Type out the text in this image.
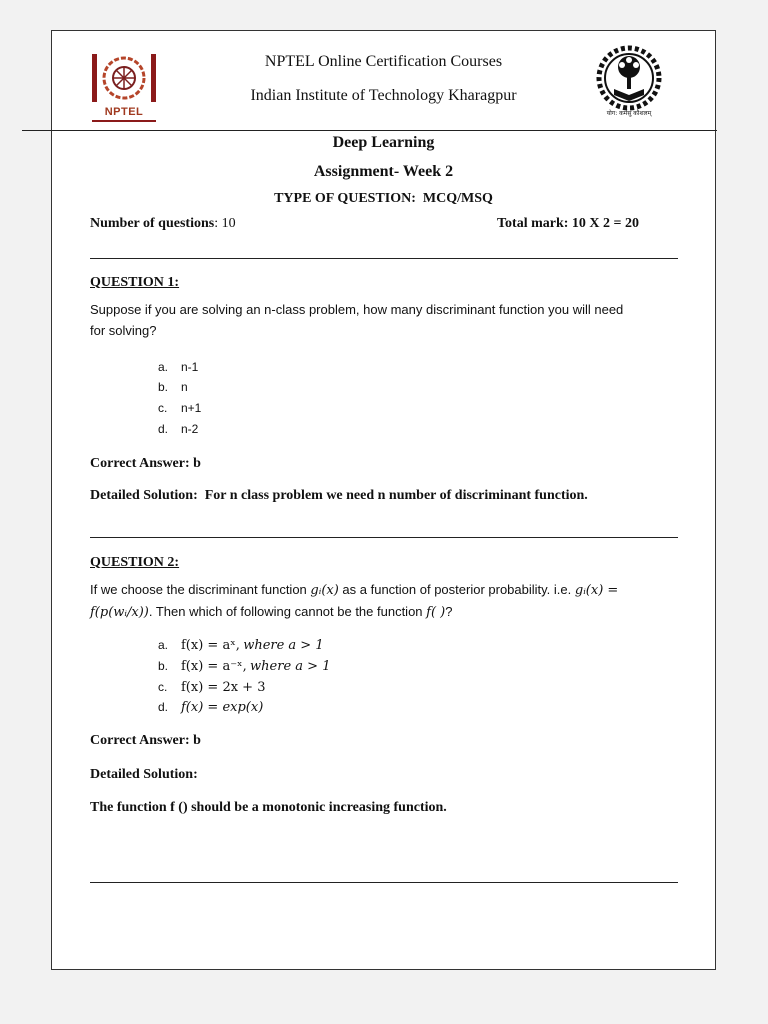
NPTEL
NPTEL Online Certification Courses
Indian Institute of Technology Kharagpur
योग: कर्मसु कौशलम्
Deep Learning
Assignment- Week 2
TYPE OF QUESTION:  MCQ/MSQ
Number of questions: 10	Total mark: 10 X 2 = 20
QUESTION 1:
Suppose if you are solving an n-class problem, how many discriminant function you will need
for solving?
a. n-1
b. n
c. n+1
d. n-2
Correct Answer: b
Detailed Solution:  For n class problem we need n number of discriminant function.
QUESTION 2:
If we choose the discriminant function gᵢ(x) as a function of posterior probability. i.e. gᵢ(x) =
f(p(wᵢ/x)). Then which of following cannot be the function f( )?
a. f(x) = aˣ, where a > 1
b. f(x) = a⁻ˣ, where a > 1
c. f(x) = 2x + 3
d. f(x) = exp(x)
Correct Answer: b
Detailed Solution:
The function f () should be a monotonic increasing function.
